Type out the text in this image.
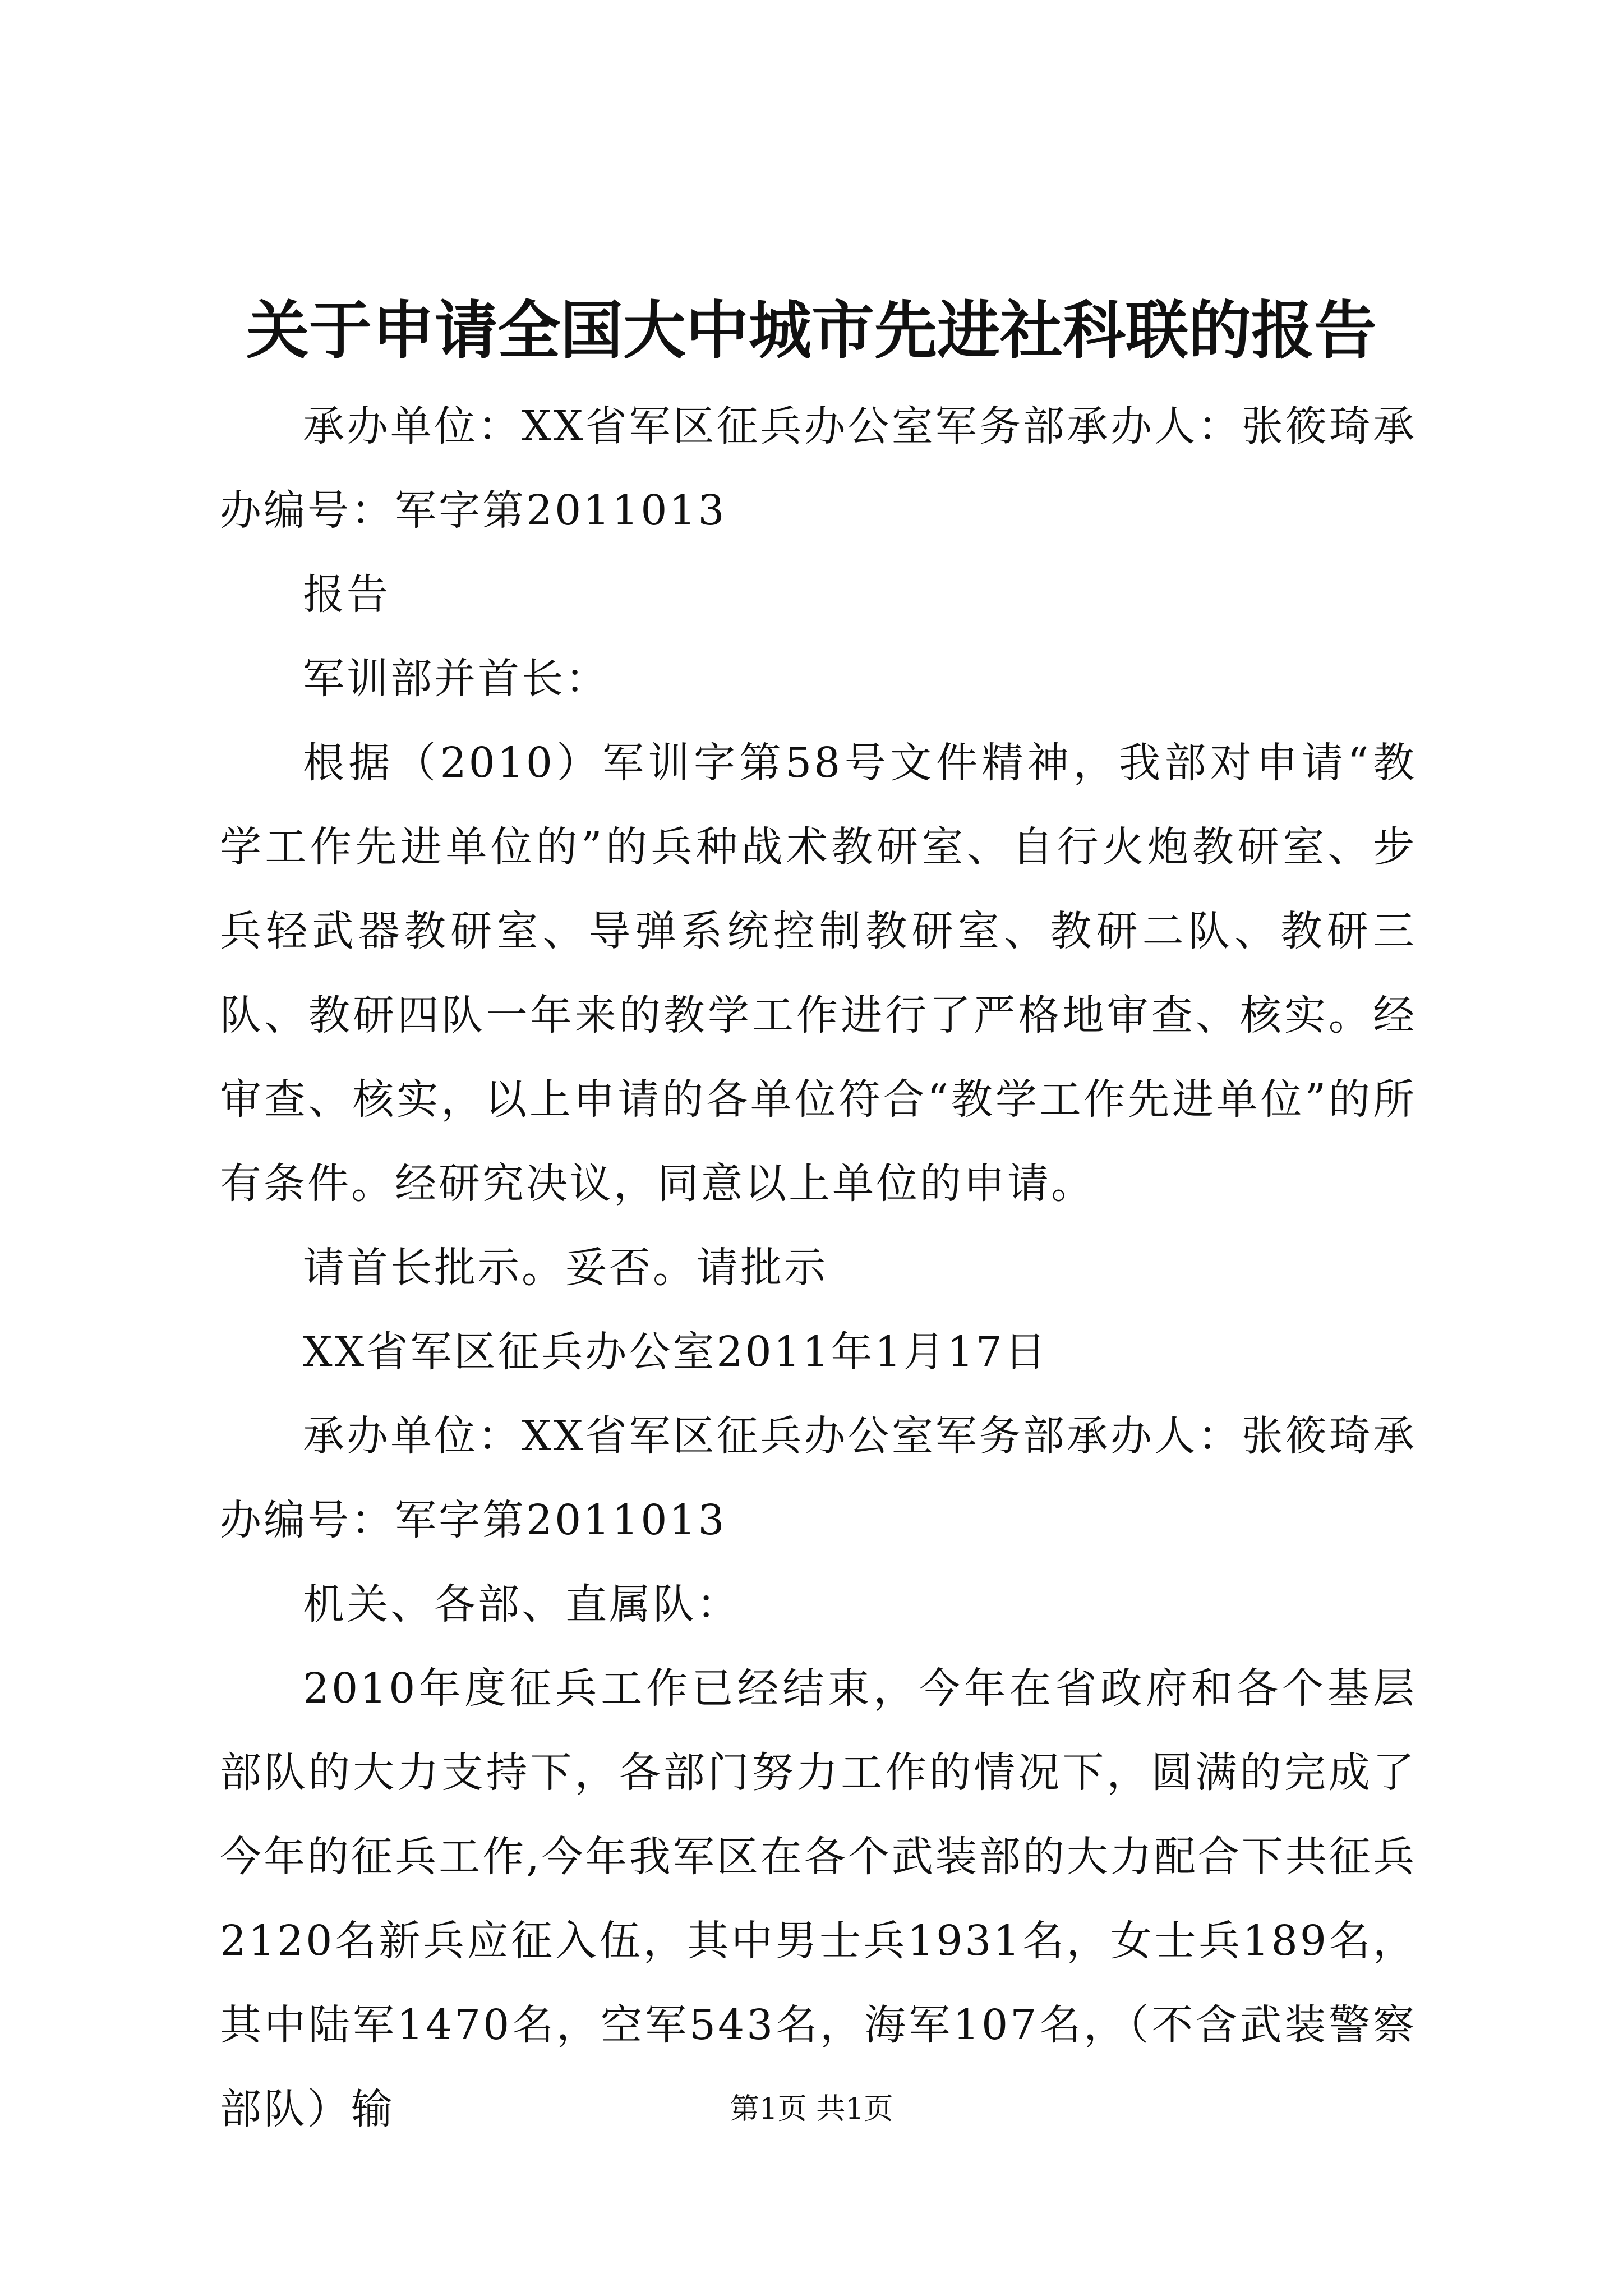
关于申请全国大中城市先进社科联的报告

承办单位：XX省军区征兵办公室军务部承办人：张筱琦承办编号：军字第2011013

报告

军训部并首长：

根据（2010）军训字第58号文件精神，我部对申请“教学工作先进单位的”的兵种战术教研室、自行火炮教研室、步兵轻武器教研室、导弹系统控制教研室、教研二队、教研三队、教研四队一年来的教学工作进行了严格地审查、核实。经审查、核实，以上申请的各单位符合“教学工作先进单位”的所有条件。经研究决议，同意以上单位的申请。

请首长批示。妥否。请批示

XX省军区征兵办公室2011年1月17日

承办单位：XX省军区征兵办公室军务部承办人：张筱琦承办编号：军字第2011013

机关、各部、直属队：

2010年度征兵工作已经结束，今年在省政府和各个基层部队的大力支持下，各部门努力工作的情况下，圆满的完成了今年的征兵工作,今年我军区在各个武装部的大力配合下共征兵2120名新兵应征入伍，其中男士兵1931名，女士兵189名，其中陆军1470名，空军543名，海军107名，（不含武装警察部队）输	第1页 共1页
